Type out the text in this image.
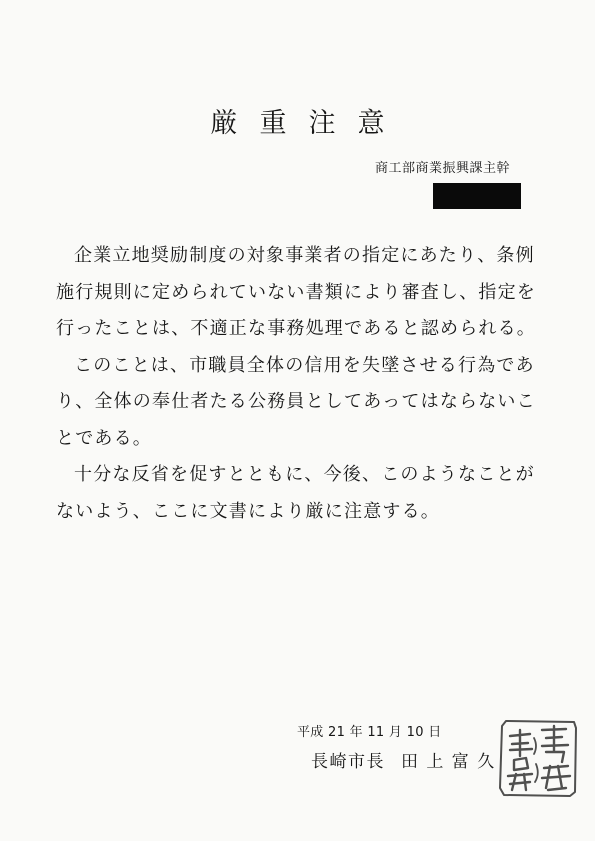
厳重注意
商工部商業振興課主幹

企業立地奨励制度の対象事業者の指定にあたり、条例
施行規則に定められていない書類により審査し、指定を
行ったことは、不適正な事務処理であると認められる。

このことは、市職員全体の信用を失墜させる行為であ
り、全体の奉仕者たる公務員としてあってはならないこ
とである。

十分な反省を促すとともに、今後、このようなことが
ないよう、ここに文書により厳に注意する。

平成 21 年 11 月 10 日
長崎市長 田 上 富 久
